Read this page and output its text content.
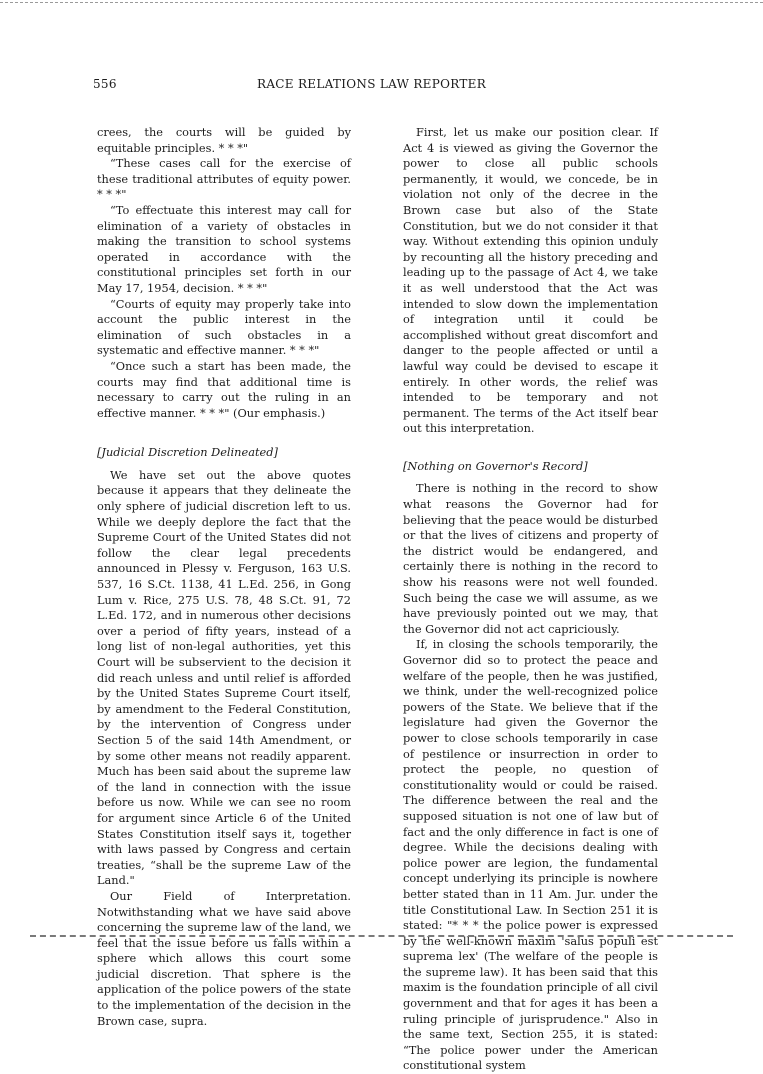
556	RACE RELATIONS LAW REPORTER

crees, the courts will be guided by equitable principles. * * *"

“These cases call for the exercise of these traditional attributes of equity power. * * *"

“To effectuate this interest may call for elimination of a variety of obstacles in making the transition to school systems operated in accordance with the constitutional principles set forth in our May 17, 1954, decision. * * *"

“Courts of equity may properly take into account the public interest in the elimination of such obstacles in a systematic and effective manner. * * *"

“Once such a start has been made, the courts may find that additional time is necessary to carry out the ruling in an effective manner. * * *" (Our emphasis.)

[Judicial Discretion Delineated]

We have set out the above quotes because it appears that they delineate the only sphere of judicial discretion left to us. While we deeply deplore the fact that the Supreme Court of the United States did not follow the clear legal precedents announced in Plessy v. Ferguson, 163 U.S. 537, 16 S.Ct. 1138, 41 L.Ed. 256, in Gong Lum v. Rice, 275 U.S. 78, 48 S.Ct. 91, 72 L.Ed. 172, and in numerous other decisions over a period of fifty years, instead of a long list of non-legal authorities, yet this Court will be subservient to the decision it did reach unless and until relief is afforded by the United States Supreme Court itself, by amendment to the Federal Constitution, by the intervention of Congress under Section 5 of the said 14th Amendment, or by some other means not readily apparent. Much has been said about the supreme law of the land in connection with the issue before us now. While we can see no room for argument since Article 6 of the United States Constitution itself says it, together with laws passed by Congress and certain treaties, “shall be the supreme Law of the Land."

Our Field of Interpretation. Notwithstanding what we have said above concerning the supreme law of the land, we feel that the issue before us falls within a sphere which allows this court some judicial discretion. That sphere is the application of the police powers of the state to the implementation of the decision in the Brown case, supra.

First, let us make our position clear. If Act 4 is viewed as giving the Governor the power to close all public schools permanently, it would, we concede, be in violation not only of the decree in the Brown case but also of the State Constitution, but we do not consider it that way. Without extending this opinion unduly by recounting all the history preceding and leading up to the passage of Act 4, we take it as well understood that the Act was intended to slow down the implementation of integration until it could be accomplished without great discomfort and danger to the people affected or until a lawful way could be devised to escape it entirely. In other words, the relief was intended to be temporary and not permanent. The terms of the Act itself bear out this interpretation.

[Nothing on Governor's Record]

There is nothing in the record to show what reasons the Governor had for believing that the peace would be disturbed or that the lives of citizens and property of the district would be endangered, and certainly there is nothing in the record to show his reasons were not well founded. Such being the case we will assume, as we have previously pointed out we may, that the Governor did not act capriciously.

If, in closing the schools temporarily, the Governor did so to protect the peace and welfare of the people, then he was justified, we think, under the well-recognized police powers of the State. We believe that if the legislature had given the Governor the power to close schools temporarily in case of pestilence or insurrection in order to protect the people, no question of constitutionality would or could be raised. The difference between the real and the supposed situation is not one of law but of fact and the only difference in fact is one of degree. While the decisions dealing with police power are legion, the fundamental concept underlying its principle is nowhere better stated than in 11 Am. Jur. under the title Constitutional Law. In Section 251 it is stated: "* * * the police power is expressed by the well-known maxim 'salus populi est suprema lex' (The welfare of the people is the supreme law). It has been said that this maxim is the foundation principle of all civil government and that for ages it has been a ruling principle of jurisprudence." Also in the same text, Section 255, it is stated: “The police power under the American constitutional system
